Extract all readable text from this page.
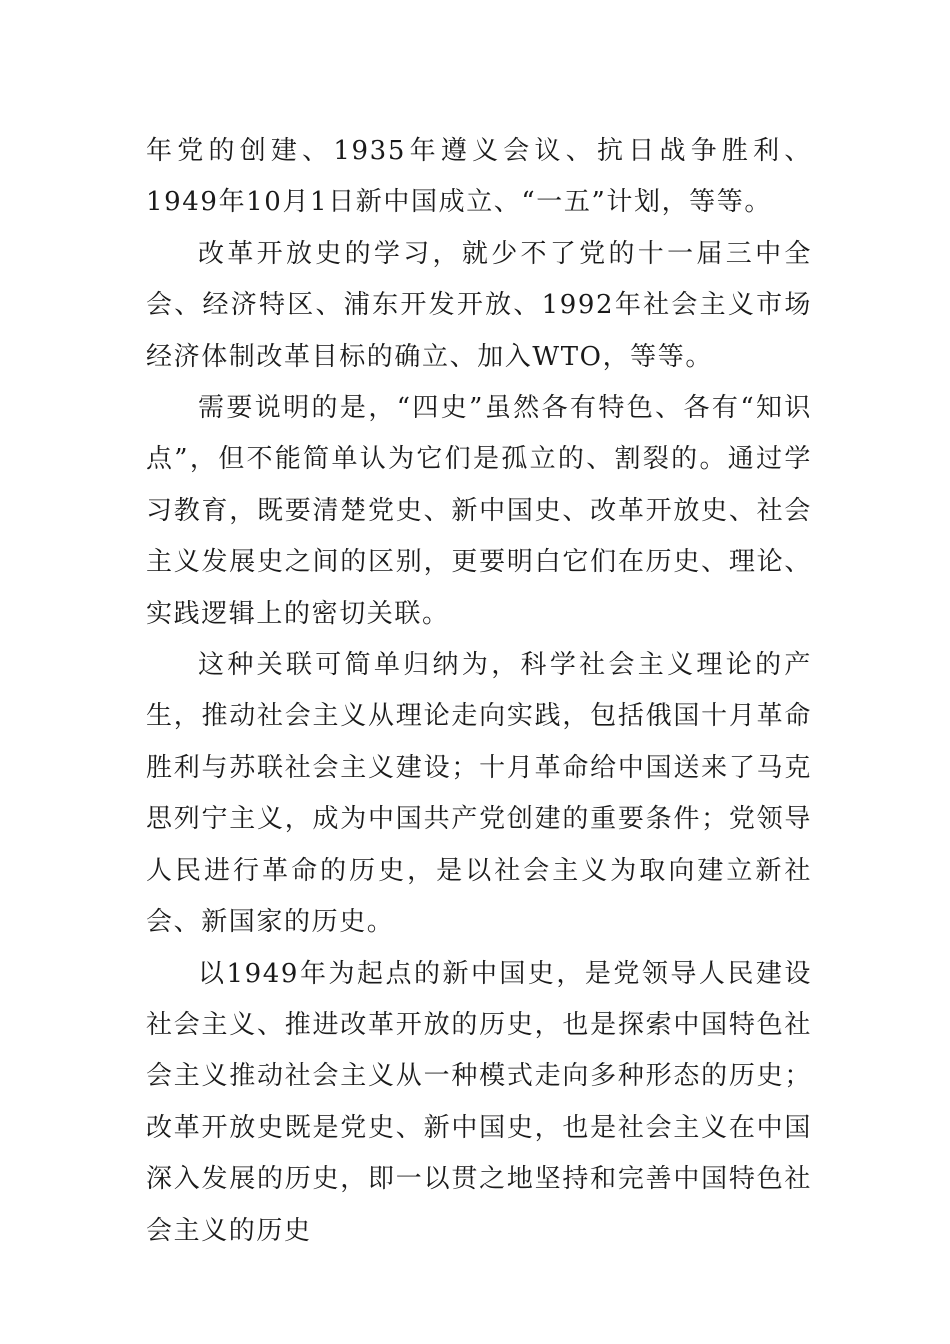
年党的创建、1935年遵义会议、抗日战争胜利、1949年10月1日新中国成立、“一五”计划，等等。

改革开放史的学习，就少不了党的十一届三中全会、经济特区、浦东开发开放、1992年社会主义市场经济体制改革目标的确立、加入WTO，等等。

需要说明的是，“四史”虽然各有特色、各有“知识点”，但不能简单认为它们是孤立的、割裂的。通过学习教育，既要清楚党史、新中国史、改革开放史、社会主义发展史之间的区别，更要明白它们在历史、理论、实践逻辑上的密切关联。

这种关联可简单归纳为，科学社会主义理论的产生，推动社会主义从理论走向实践，包括俄国十月革命胜利与苏联社会主义建设；十月革命给中国送来了马克思列宁主义，成为中国共产党创建的重要条件；党领导人民进行革命的历史，是以社会主义为取向建立新社会、新国家的历史。

以1949年为起点的新中国史，是党领导人民建设社会主义、推进改革开放的历史，也是探索中国特色社会主义推动社会主义从一种模式走向多种形态的历史；改革开放史既是党史、新中国史，也是社会主义在中国深入发展的历史，即一以贯之地坚持和完善中国特色社会主义的历史
